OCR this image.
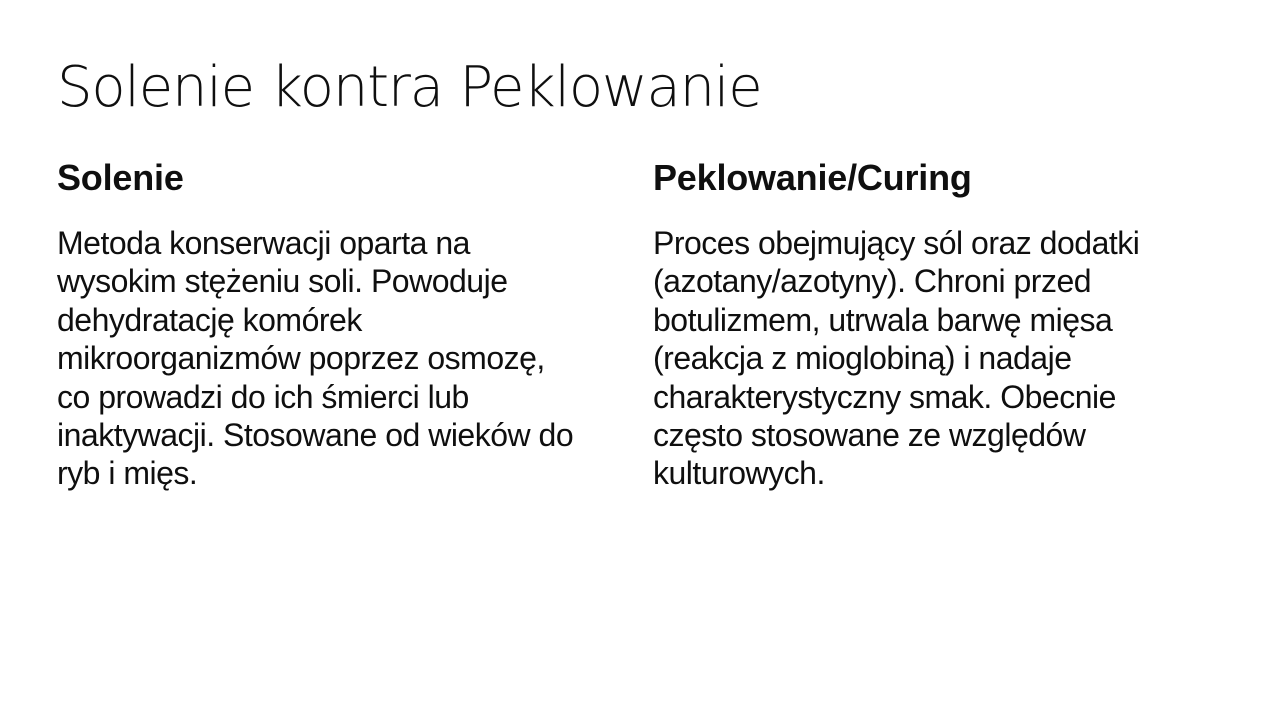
Solenie kontra Peklowanie
Solenie

Metoda konserwacji oparta na wysokim stężeniu soli. Powoduje dehydratację komórek mikroorganizmów poprzez osmozę, co prowadzi do ich śmierci lub inaktywacji. Stosowane od wieków do ryb i mięs.

Peklowanie/Curing

Proces obejmujący sól oraz dodatki (azotany/azotyny). Chroni przed botulizmem, utrwala barwę mięsa (reakcja z mioglobiną) i nadaje charakterystyczny smak. Obecnie często stosowane ze względów kulturowych.
